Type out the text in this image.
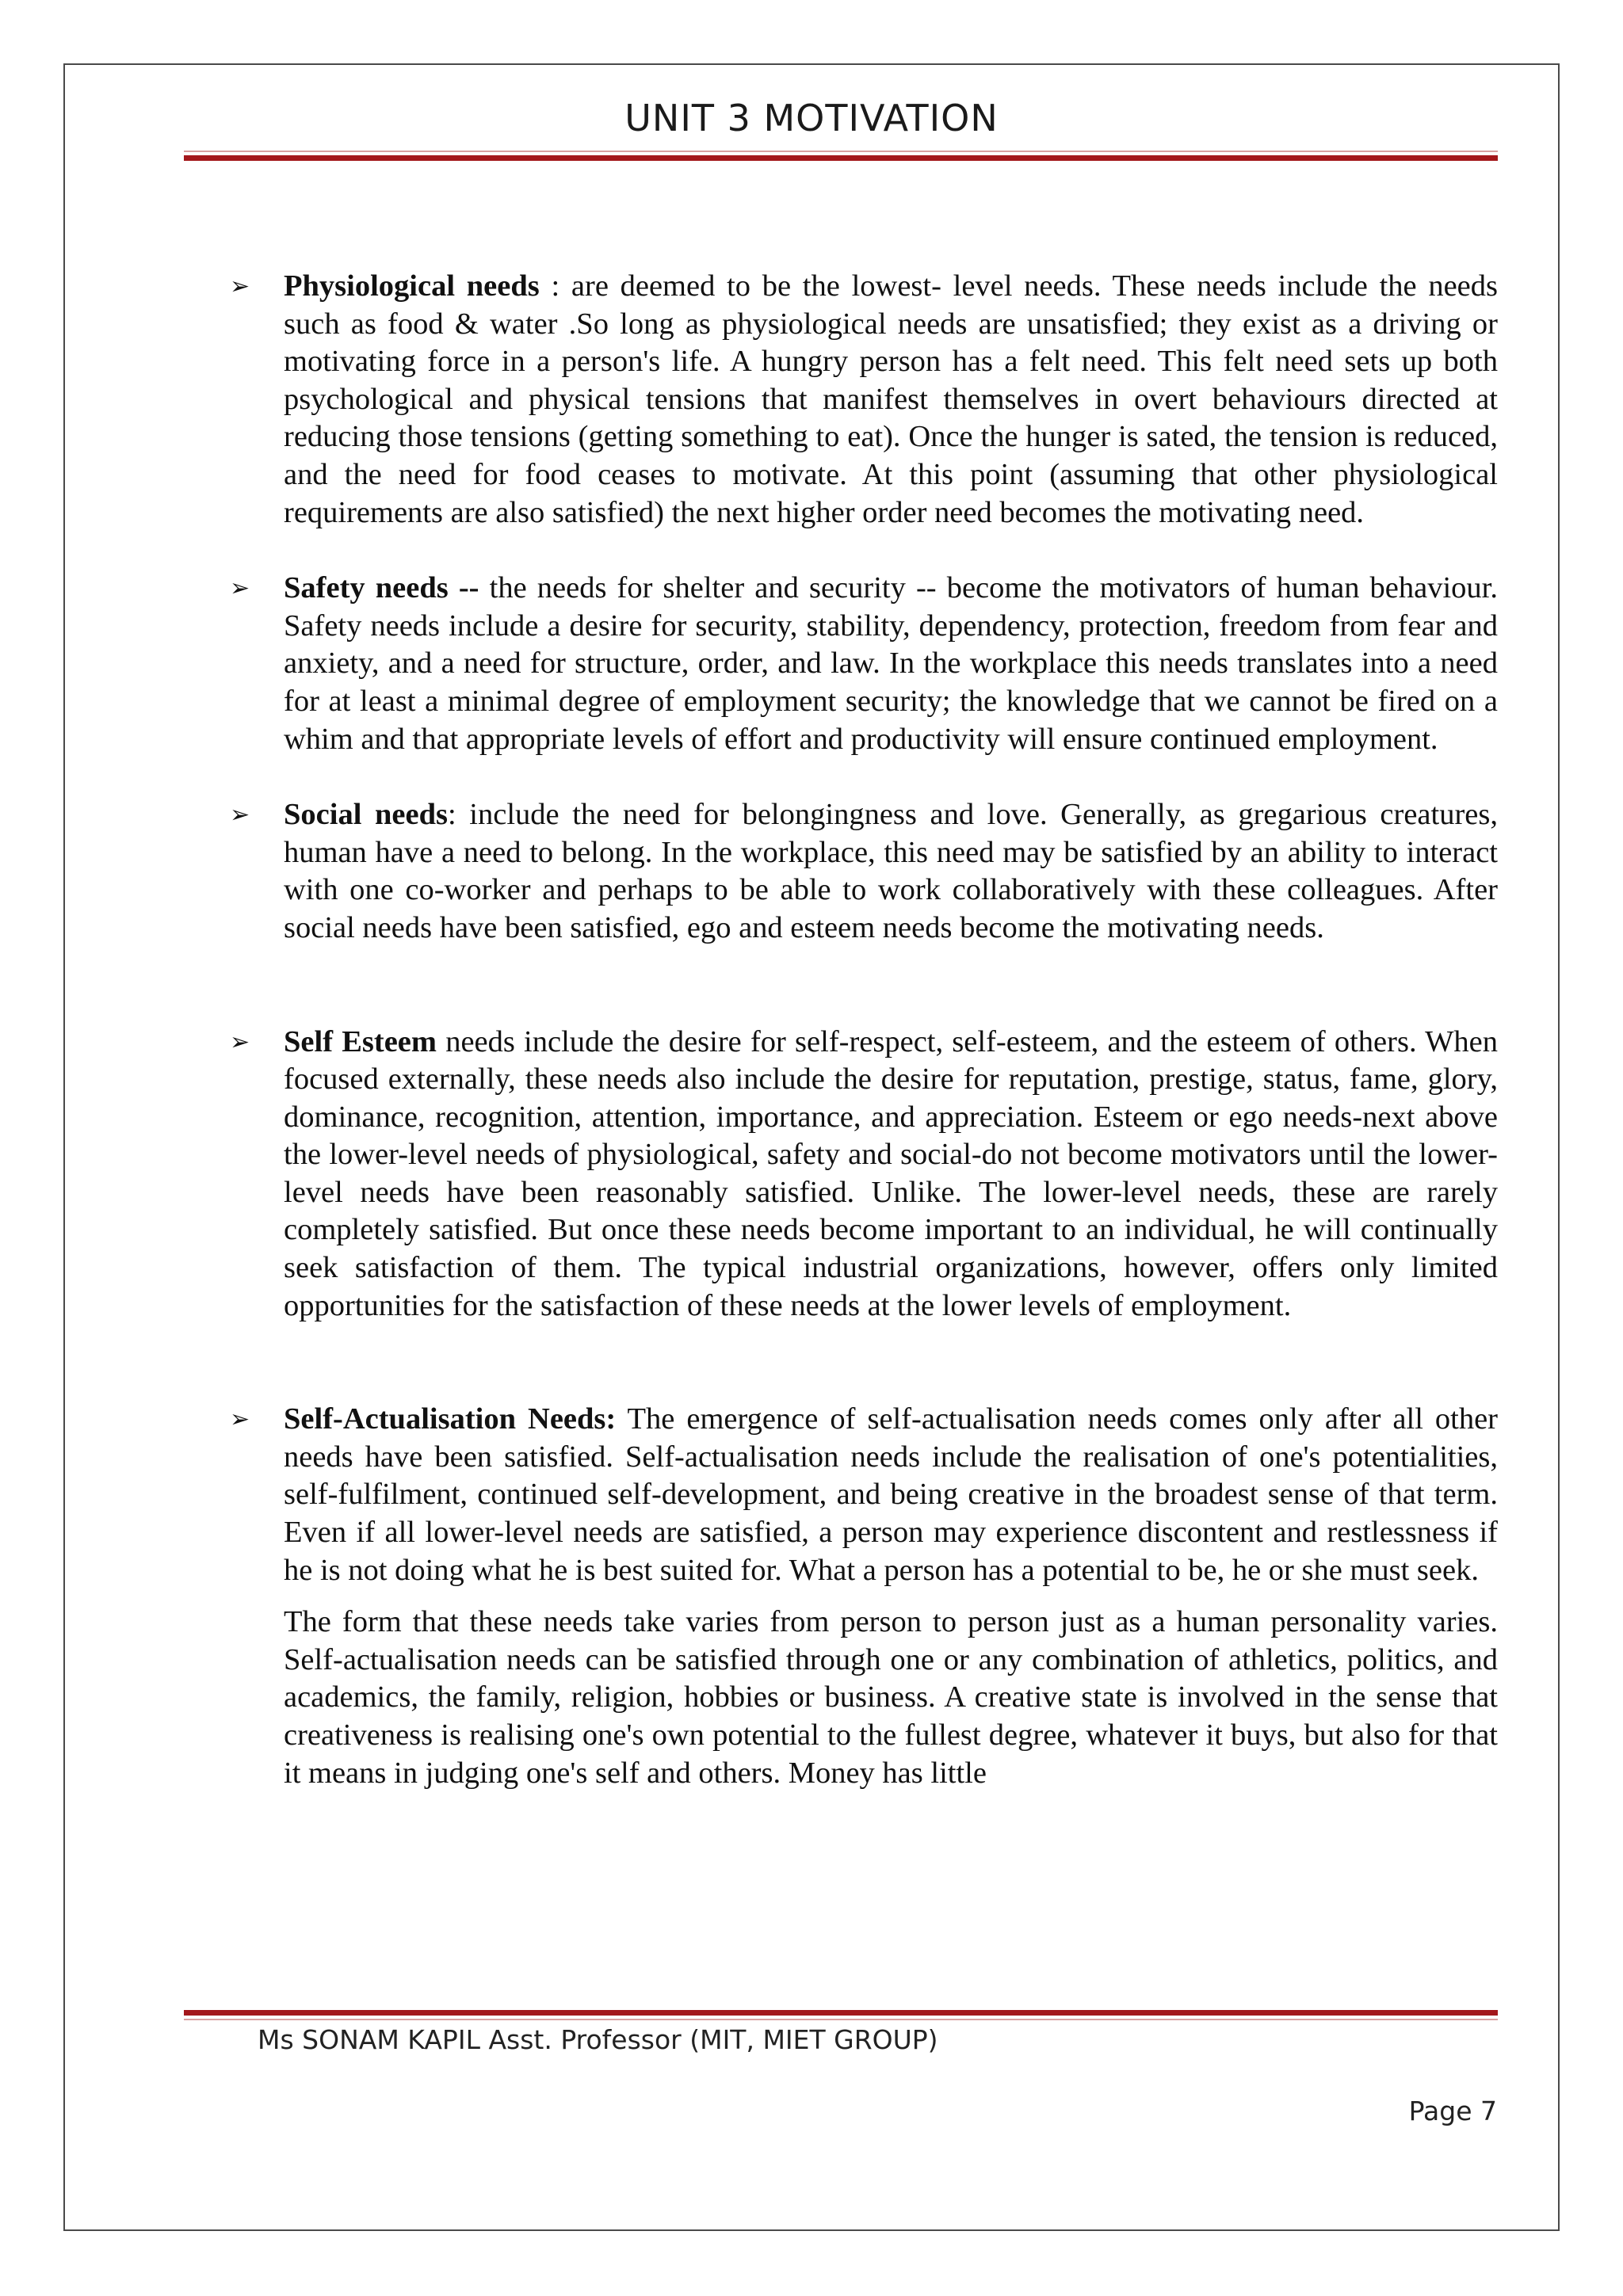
UNIT 3 MOTIVATION
➢ Physiological needs : are deemed to be the lowest- level needs. These needs include the needs such as food & water .So long as physiological needs are unsatisfied; they exist as a driving or motivating force in a person's life. A hungry person has a felt need. This felt need sets up both psychological and physical tensions that manifest themselves in overt behaviours directed at reducing those tensions (getting something to eat). Once the hunger is sated, the tension is reduced, and the need for food ceases to motivate. At this point (assuming that other physiological requirements are also satisfied) the next higher order need becomes the motivating need.

➢ Safety needs -- the needs for shelter and security -- become the motivators of human behaviour. Safety needs include a desire for security, stability, dependency, protection, freedom from fear and anxiety, and a need for structure, order, and law. In the workplace this needs translates into a need for at least a minimal degree of employment security; the knowledge that we cannot be fired on a whim and that appropriate levels of effort and productivity will ensure continued employment.

➢ Social needs: include the need for belongingness and love. Generally, as gregarious creatures, human have a need to belong. In the workplace, this need may be satisfied by an ability to interact with one co-worker and perhaps to be able to work collaboratively with these colleagues. After social needs have been satisfied, ego and esteem needs become the motivating needs.

➢ Self Esteem needs include the desire for self-respect, self-esteem, and the esteem of others. When focused externally, these needs also include the desire for reputation, prestige, status, fame, glory, dominance, recognition, attention, importance, and appreciation. Esteem or ego needs-next above the lower-level needs of physiological, safety and social-do not become motivators until the lower-level needs have been reasonably satisfied. Unlike. The lower-level needs, these are rarely completely satisfied. But once these needs become important to an individual, he will continually seek satisfaction of them. The typical industrial organizations, however, offers only limited opportunities for the satisfaction of these needs at the lower levels of employment.

➢ Self-Actualisation Needs: The emergence of self-actualisation needs comes only after all other needs have been satisfied. Self-actualisation needs include the realisation of one's potentialities, self-fulfilment, continued self-development, and being creative in the broadest sense of that term. Even if all lower-level needs are satisfied, a person may experience discontent and restlessness if he is not doing what he is best suited for. What a person has a potential to be, he or she must seek.

The form that these needs take varies from person to person just as a human personality varies. Self-actualisation needs can be satisfied through one or any combination of athletics, politics, and academics, the family, religion, hobbies or business. A creative state is involved in the sense that creativeness is realising one's own potential to the fullest degree, whatever it buys, but also for that it means in judging one's self and others. Money has little

Ms SONAM KAPIL Asst. Professor (MIT, MIET GROUP)
Page 7
